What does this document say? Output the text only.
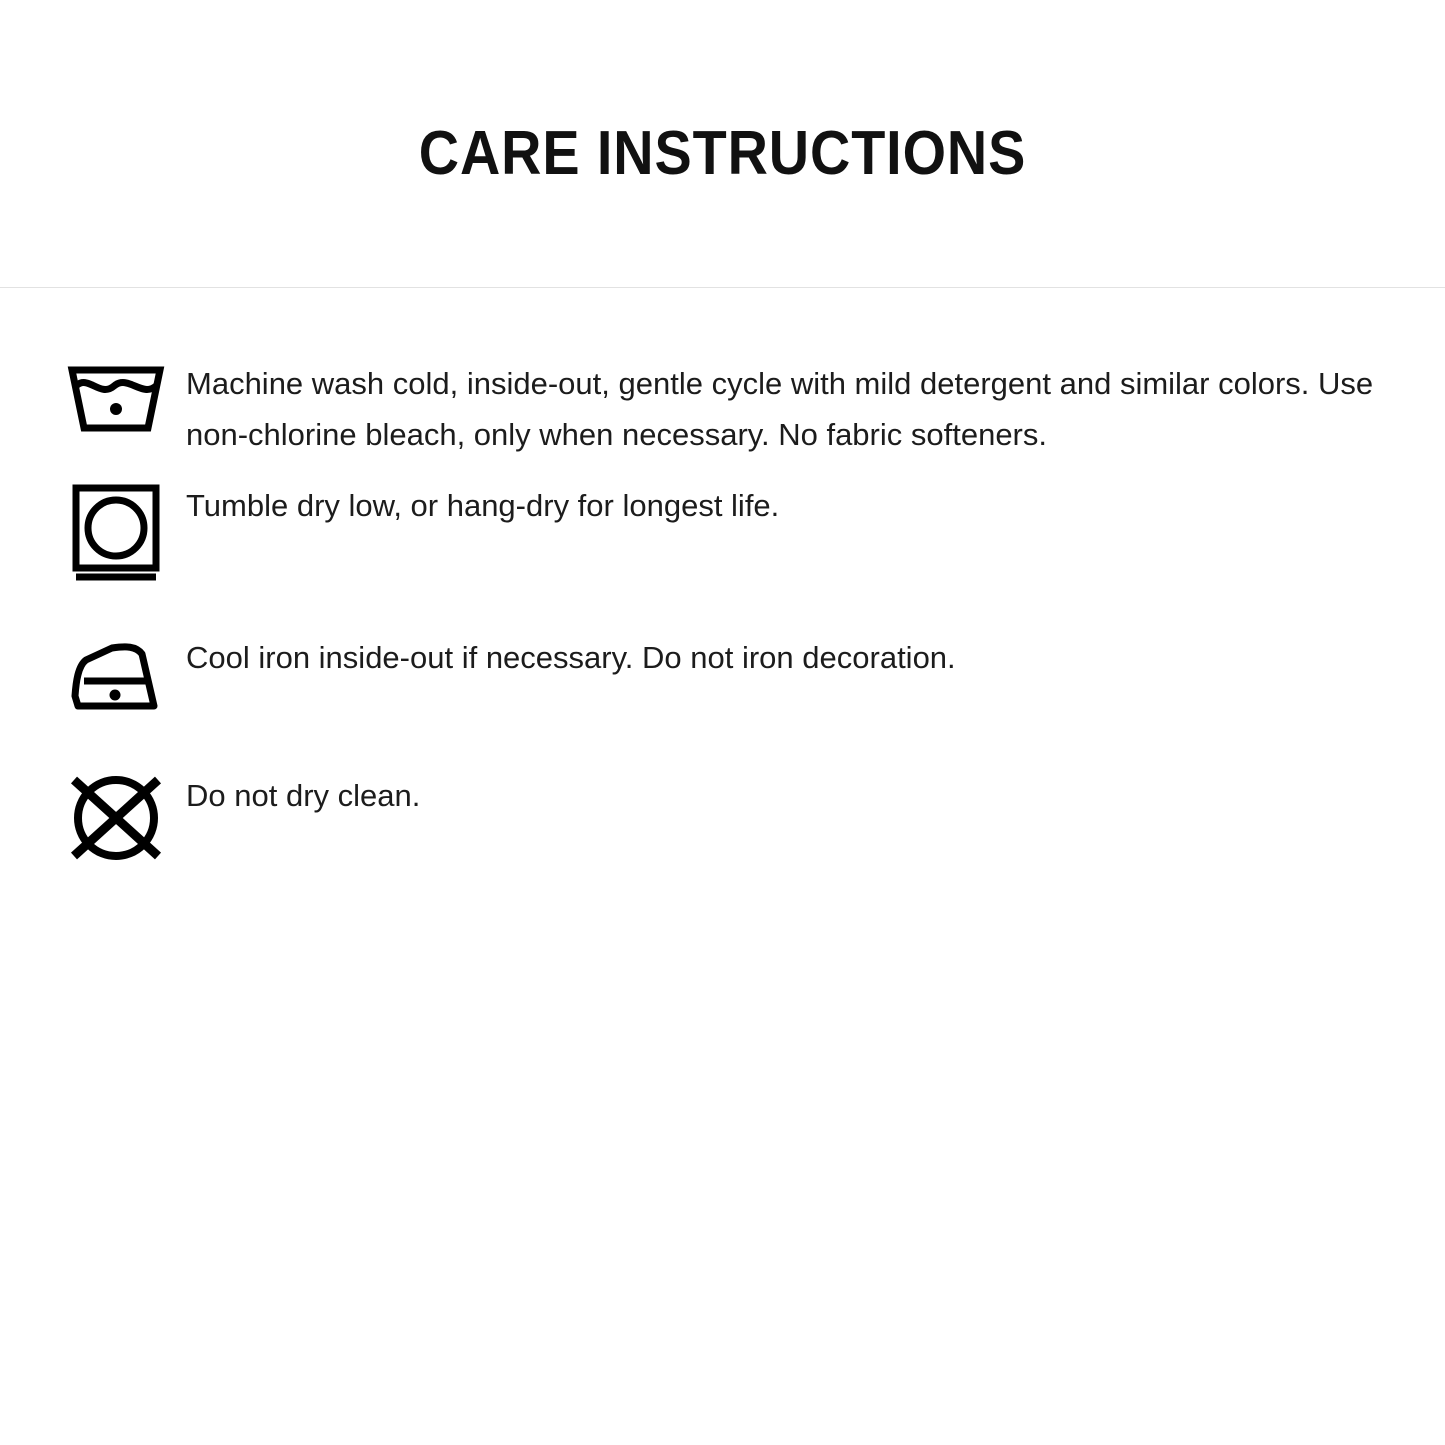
CARE INSTRUCTIONS
Machine wash cold, inside-out, gentle cycle with mild detergent and similar colors. Use non-chlorine bleach, only when necessary. No fabric softeners.
Tumble dry low, or hang-dry for longest life.
Cool iron inside-out if necessary. Do not iron decoration.
Do not dry clean.
